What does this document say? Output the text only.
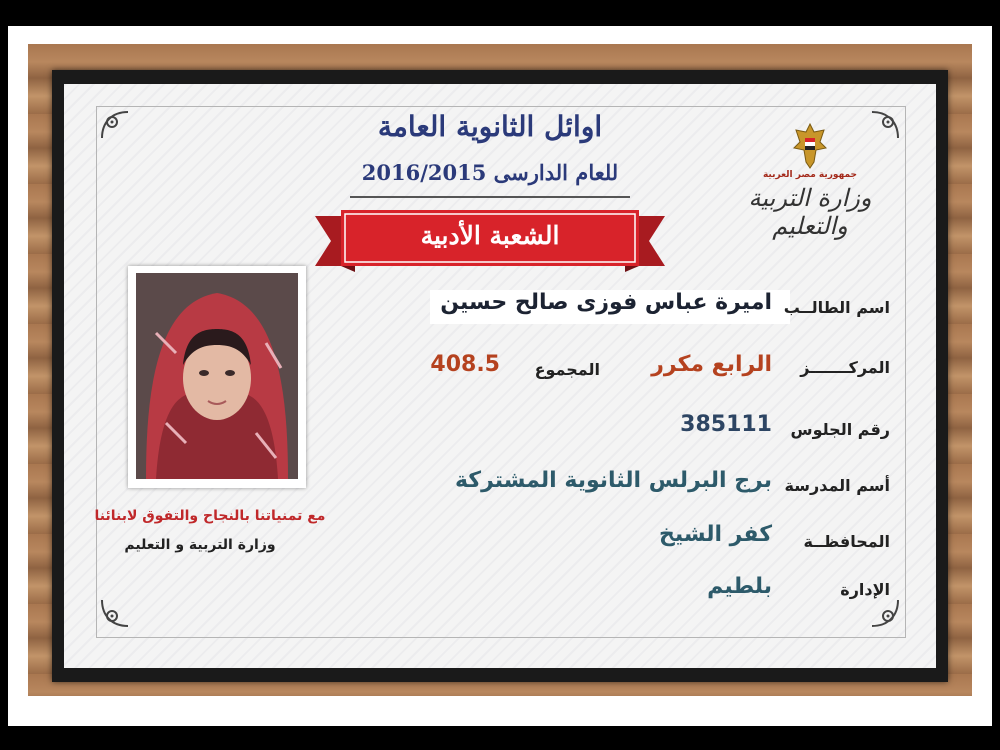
اوائل الثانوية العامة
للعام الدارسى 2016/2015
الشعبة الأدبية
جمهورية مصر العربية
وزارة التربية والتعليم
مع تمنياتنا بالنجاح والتفوق لابنائنا
وزارة التربية و التعليم
اسم الطالــب
اميرة عباس فوزى صالح حسين
المركـــــــز
الرابع مكرر
المجموع
408.5
رقم الجلوس
385111
أسم المدرسة
برج البرلس الثانوية المشتركة
المحافظــة
كفر الشيخ
الإدارة
بلطيم
